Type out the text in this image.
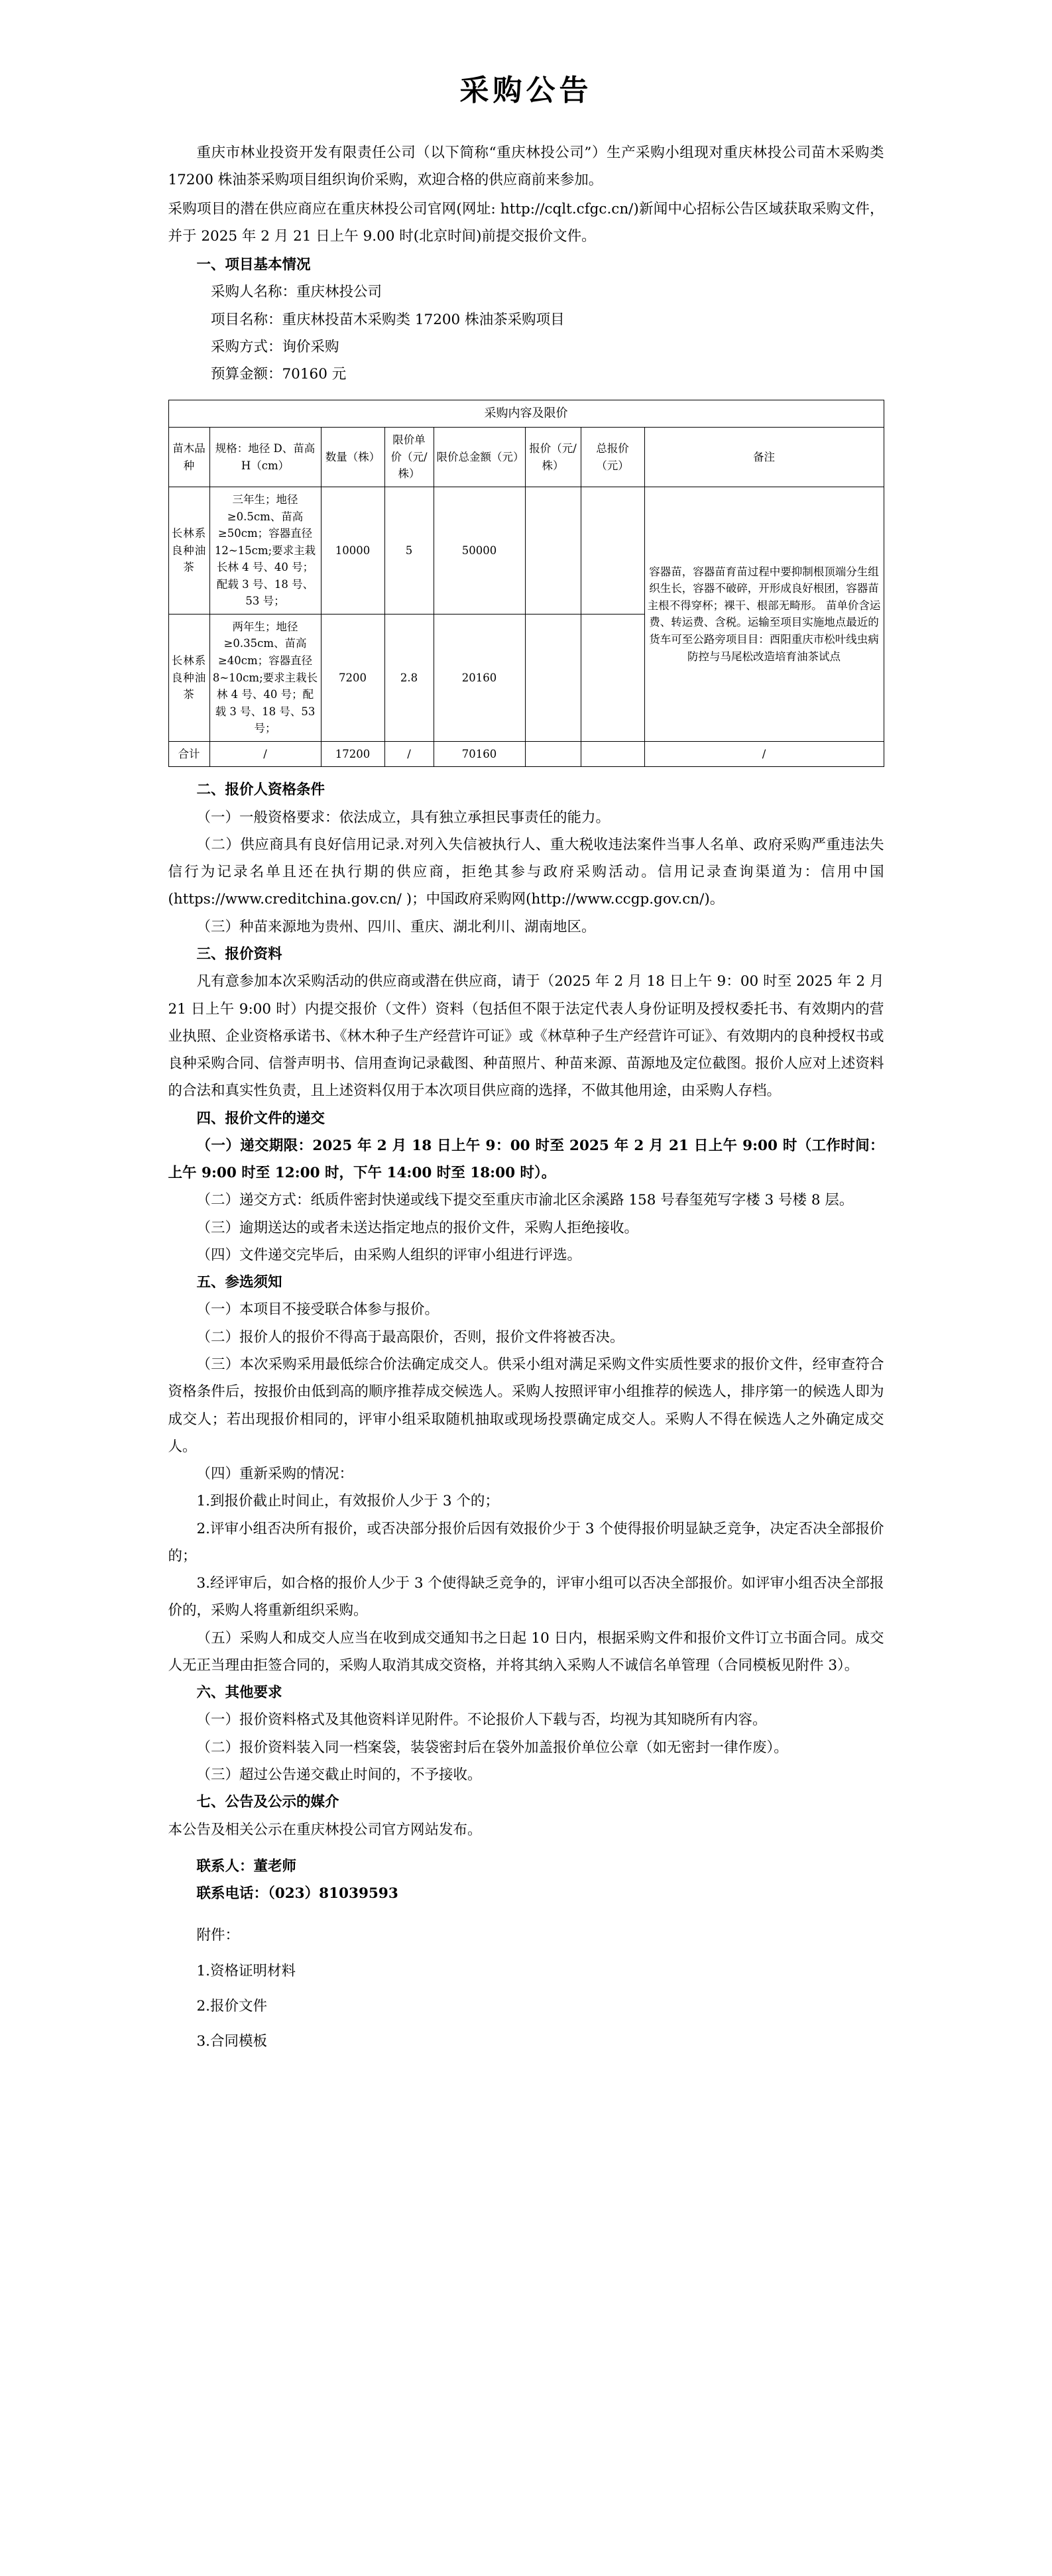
采购公告

重庆市林业投资开发有限责任公司（以下简称“重庆林投公司”）生产采购小组现对重庆林投公司苗木采购类 17200 株油茶采购项目组织询价采购，欢迎合格的供应商前来参加。

采购项目的潜在供应商应在重庆林投公司官网(网址: http://cqlt.cfgc.cn/)新闻中心招标公告区域获取采购文件，并于 2025 年 2 月 21 日上午 9.00 时(北京时间)前提交报价文件。

一、项目基本情况

采购人名称：重庆林投公司

项目名称：重庆林投苗木采购类 17200 株油茶采购项目

采购方式：询价采购

预算金额：70160 元

采购内容及限价							
苗木品种	规格：地径 D、苗高 H（cm）	数量（株）	限价单价（元/株）	限价总金额（元）	报价（元/株）	总报价（元）	备注
长林系良种油茶	三年生；地径≥0.5cm、苗高≥50cm；容器直径 12~15cm;要求主栽长林 4 号、40 号；配载 3 号、18 号、53 号；	10000	5	50000			容器苗，容器苗育苗过程中要抑制根顶端分生组织生长，容器不破碎，开形成良好根团，容器苗主根不得穿杯；裸干、根部无畸形。 苗单价含运费、转运费、含税。运输至项目实施地点最近的货车可至公路旁项目目：酉阳重庆市松叶线虫病防控与马尾松改造培育油茶试点
长林系良种油茶	两年生；地径≥0.35cm、苗高≥40cm；容器直径 8~10cm;要求主栽长林 4 号、40 号；配载 3 号、18 号、53 号；	7200	2.8	20160			
合计	/	17200	/	70160			/
二、报价人资格条件

（一）一般资格要求：依法成立，具有独立承担民事责任的能力。

（二）供应商具有良好信用记录.对列入失信被执行人、重大税收违法案件当事人名单、政府采购严重违法失信行为记录名单且还在执行期的供应商，拒绝其参与政府采购活动。信用记录查询渠道为：信用中国(https://www.creditchina.gov.cn/ )；中国政府采购网(http://www.ccgp.gov.cn/)。

（三）种苗来源地为贵州、四川、重庆、湖北利川、湖南地区。

三、报价资料

凡有意参加本次采购活动的供应商或潜在供应商，请于（2025 年 2 月 18 日上午 9：00 时至 2025 年 2 月 21 日上午 9:00 时）内提交报价（文件）资料（包括但不限于法定代表人身份证明及授权委托书、有效期内的营业执照、企业资格承诺书、《林木种子生产经营许可证》或《林草种子生产经营许可证》、有效期内的良种授权书或良种采购合同、信誉声明书、信用查询记录截图、种苗照片、种苗来源、苗源地及定位截图。报价人应对上述资料的合法和真实性负责，且上述资料仅用于本次项目供应商的选择，不做其他用途，由采购人存档。

四、报价文件的递交

（一）递交期限：2025 年 2 月 18 日上午 9：00 时至 2025 年 2 月 21 日上午 9:00 时（工作时间：上午 9:00 时至 12:00 时，下午 14:00 时至 18:00 时）。

（二）递交方式：纸质件密封快递或线下提交至重庆市渝北区余溪路 158 号春玺苑写字楼 3 号楼 8 层。

（三）逾期送达的或者未送达指定地点的报价文件，采购人拒绝接收。

（四）文件递交完毕后，由采购人组织的评审小组进行评选。

五、参选须知

（一）本项目不接受联合体参与报价。

（二）报价人的报价不得高于最高限价，否则，报价文件将被否决。

（三）本次采购采用最低综合价法确定成交人。供采小组对满足采购文件实质性要求的报价文件，经审查符合资格条件后，按报价由低到高的顺序推荐成交候选人。采购人按照评审小组推荐的候选人，排序第一的候选人即为成交人；若出现报价相同的，评审小组采取随机抽取或现场投票确定成交人。采购人不得在候选人之外确定成交人。

（四）重新采购的情况：

1.到报价截止时间止，有效报价人少于 3 个的；

2.评审小组否决所有报价，或否决部分报价后因有效报价少于 3 个使得报价明显缺乏竞争，决定否决全部报价的；

3.经评审后，如合格的报价人少于 3 个使得缺乏竞争的，评审小组可以否决全部报价。如评审小组否决全部报价的，采购人将重新组织采购。

（五）采购人和成交人应当在收到成交通知书之日起 10 日内，根据采购文件和报价文件订立书面合同。成交人无正当理由拒签合同的，采购人取消其成交资格，并将其纳入采购人不诚信名单管理（合同模板见附件 3）。

六、其他要求

（一）报价资料格式及其他资料详见附件。不论报价人下载与否，均视为其知晓所有内容。

（二）报价资料装入同一档案袋，装袋密封后在袋外加盖报价单位公章（如无密封一律作废）。

（三）超过公告递交截止时间的，不予接收。

七、公告及公示的媒介

本公告及相关公示在重庆林投公司官方网站发布。

联系人：董老师

联系电话：（023）81039593

附件：

1.资格证明材料

2.报价文件

3.合同模板
